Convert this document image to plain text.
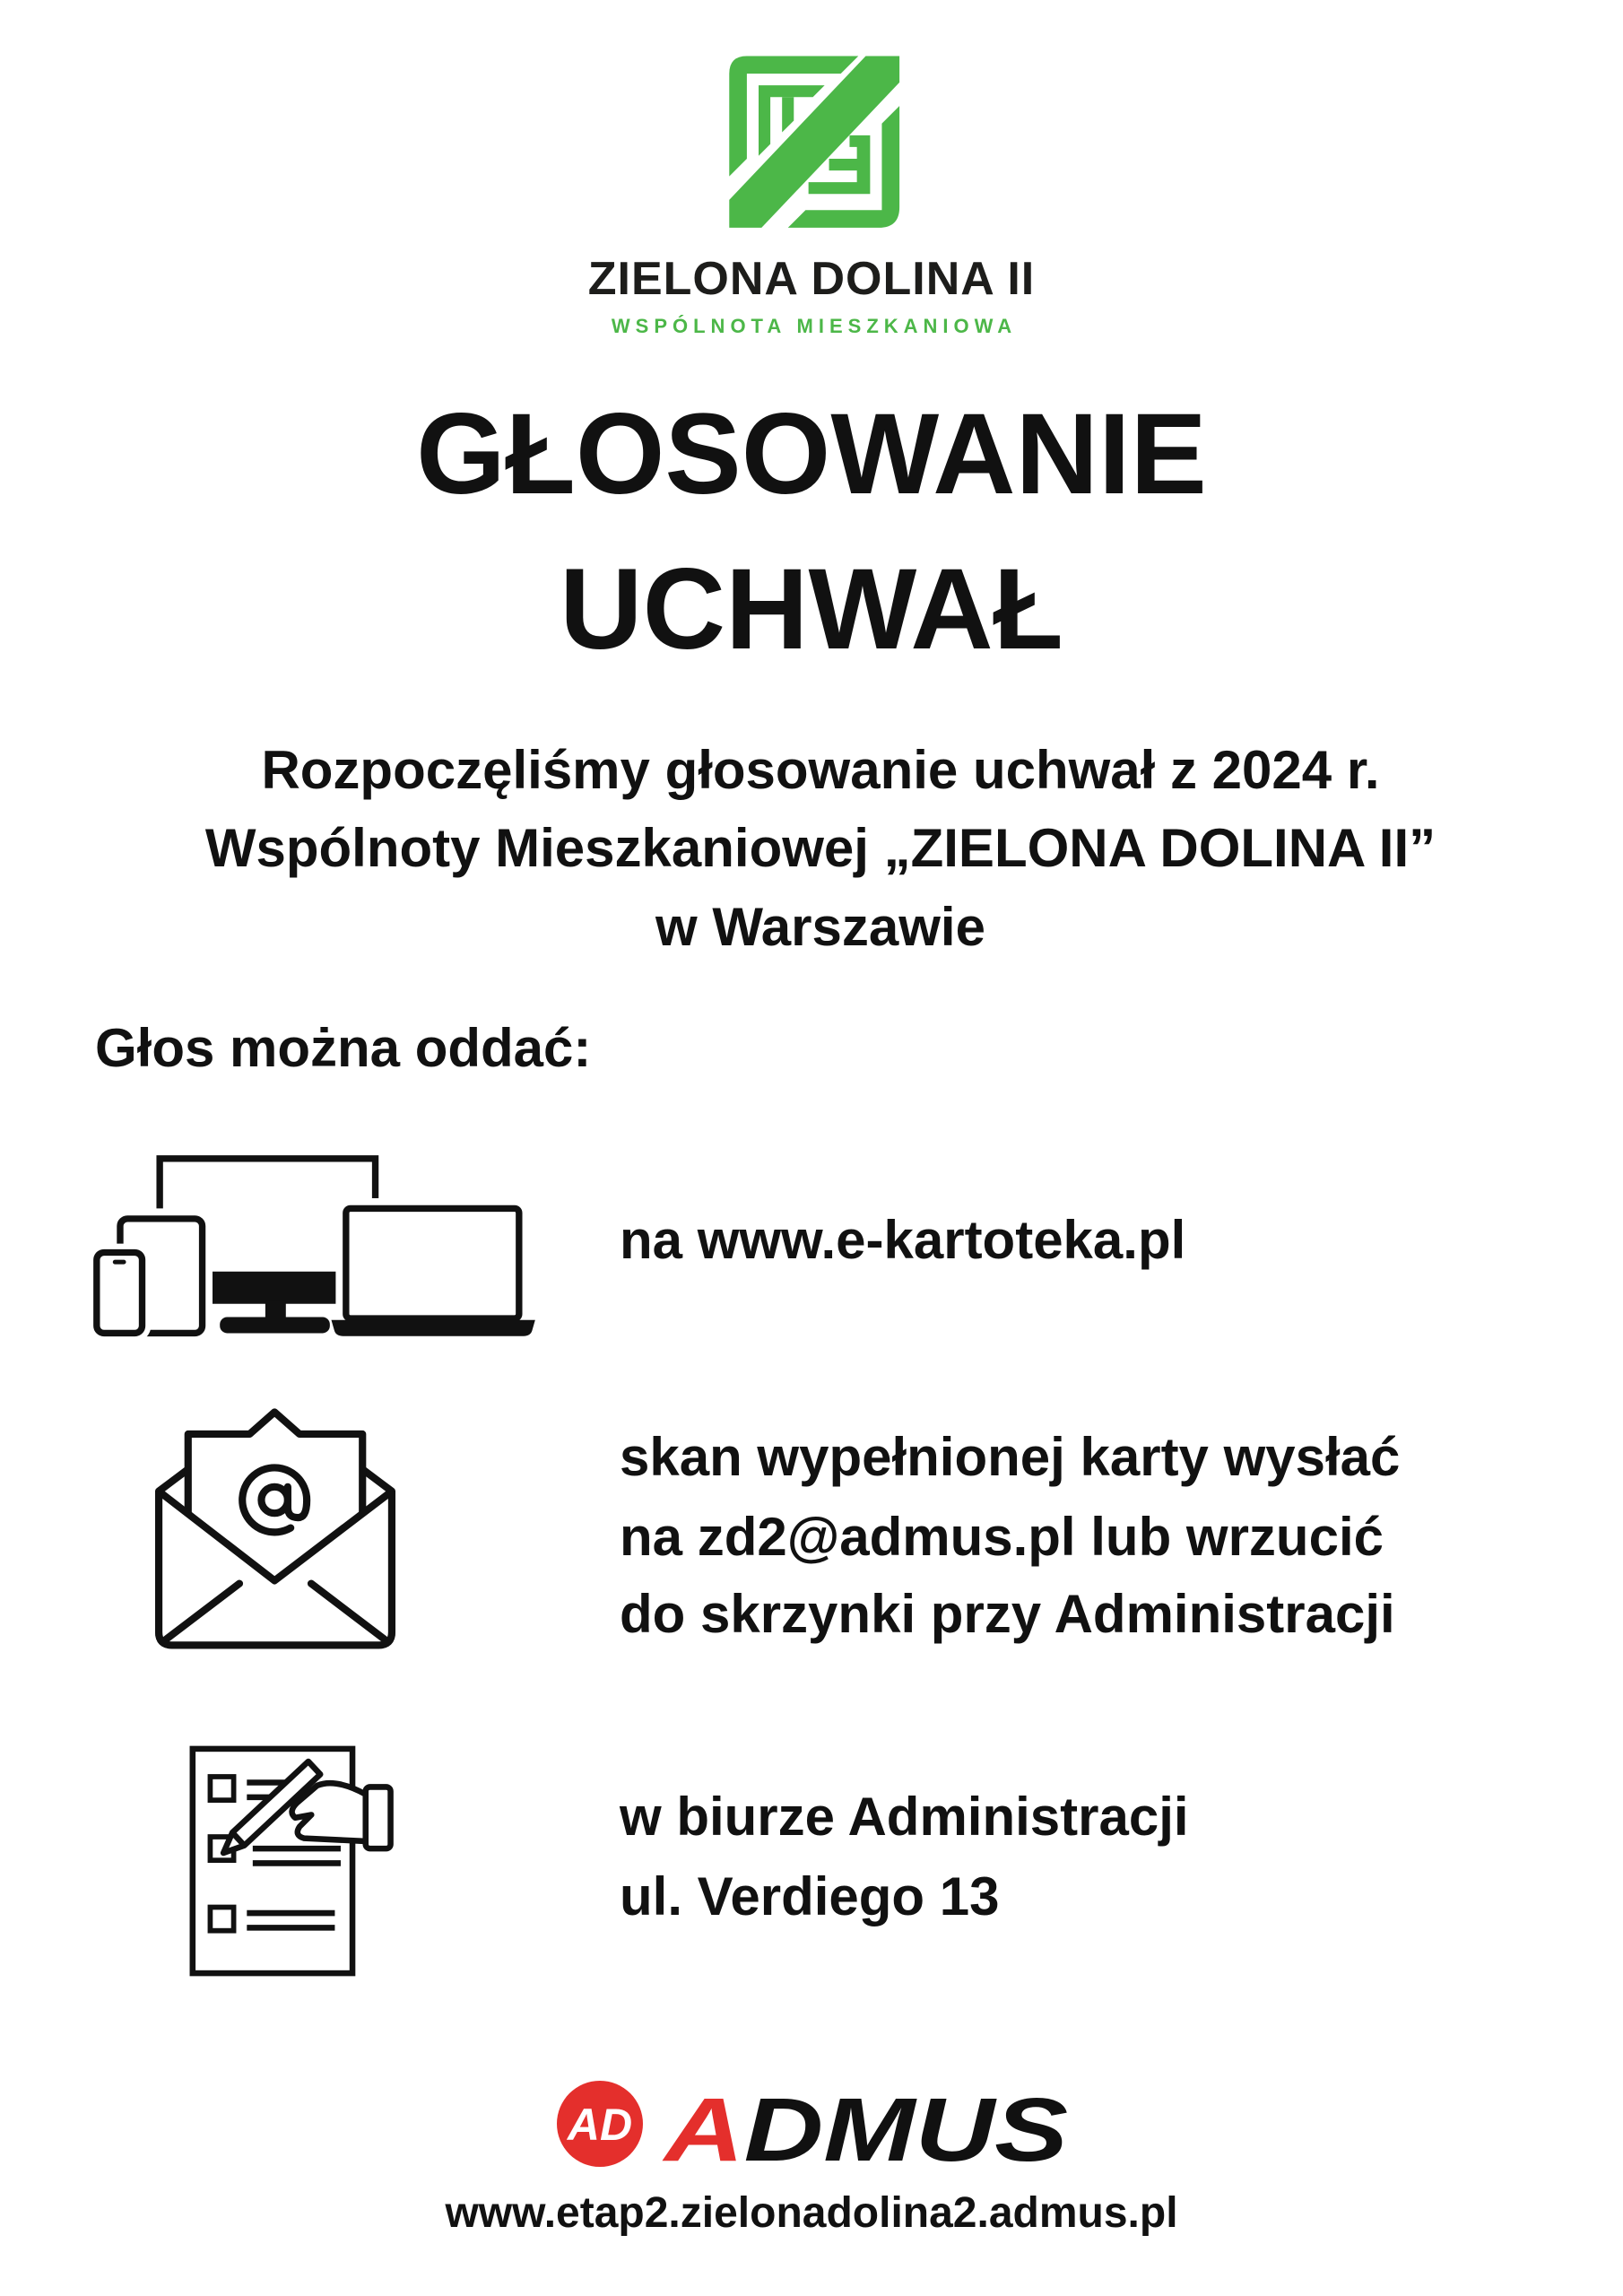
ZIELONA DOLINA II
WSPÓLNOTA MIESZKANIOWA
GŁOSOWANIE
UCHWAŁ
Rozpoczęliśmy głosowanie uchwał z 2024 r.
Wspólnoty Mieszkaniowej „ZIELONA DOLINA II”
w Warszawie
Głos można oddać:
na www.e-kartoteka.pl
skan wypełnionej karty wysłać
na zd2@admus.pl lub wrzucić
do skrzynki przy Administracji
w biurze Administracji
ul. Verdiego 13
AD A DMUS
www.etap2.zielonadolina2.admus.pl
